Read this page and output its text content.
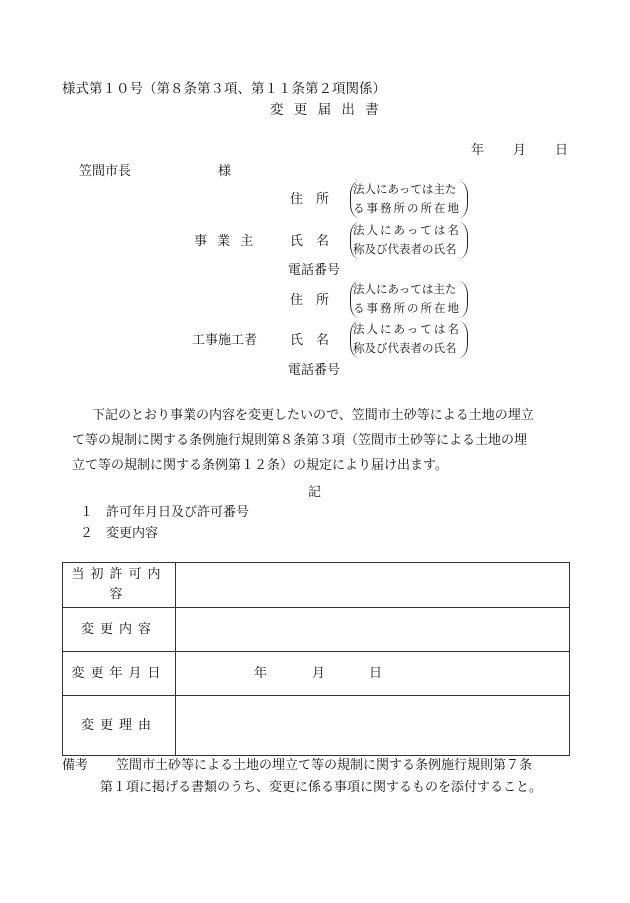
様式第１０号（第８条第３項、第１１条第２項関係）
変 更 届 出 書
年 月 日
笠間市長	様
住　所
法人にあっては主た
る事務所の所在地
事 業 主	氏　名
法人にあっては名
称及び代表者の氏名
電話番号
住　所
法人にあっては主た
る事務所の所在地
工事施工者	氏　名
法人にあっては名
称及び代表者の氏名
電話番号
下記のとおり事業の内容を変更したいので、笠間市土砂等による土地の埋立
て等の規制に関する条例施行規則第８条第３項（笠間市土砂等による土地の埋
立て等の規制に関する条例第１２条）の規定により届け出ます。
記
１ 許可年月日及び許可番号
２ 変更内容
当初許可内容	
変更内容	
変更年月日	年 月 日

変更理由	
備考 笠間市土砂等による土地の埋立て等の規制に関する条例施行規則第７条
第１項に掲げる書類のうち、変更に係る事項に関するものを添付すること。
